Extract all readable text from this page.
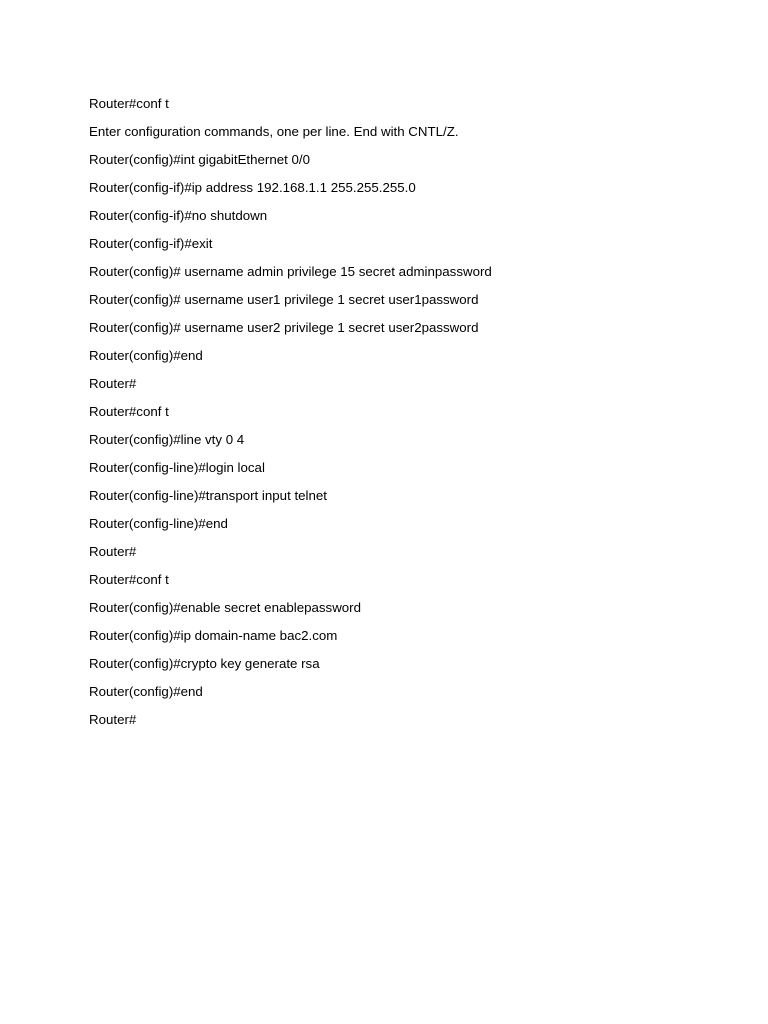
Router#conf t
Enter configuration commands, one per line. End with CNTL/Z.
Router(config)#int gigabitEthernet 0/0
Router(config-if)#ip address 192.168.1.1 255.255.255.0
Router(config-if)#no shutdown
Router(config-if)#exit
Router(config)# username admin privilege 15 secret adminpassword
Router(config)# username user1 privilege 1 secret user1password
Router(config)# username user2 privilege 1 secret user2password
Router(config)#end
Router#
Router#conf t
Router(config)#line vty 0 4
Router(config-line)#login local
Router(config-line)#transport input telnet
Router(config-line)#end
Router#
Router#conf t
Router(config)#enable secret enablepassword
Router(config)#ip domain-name bac2.com
Router(config)#crypto key generate rsa
Router(config)#end
Router#
